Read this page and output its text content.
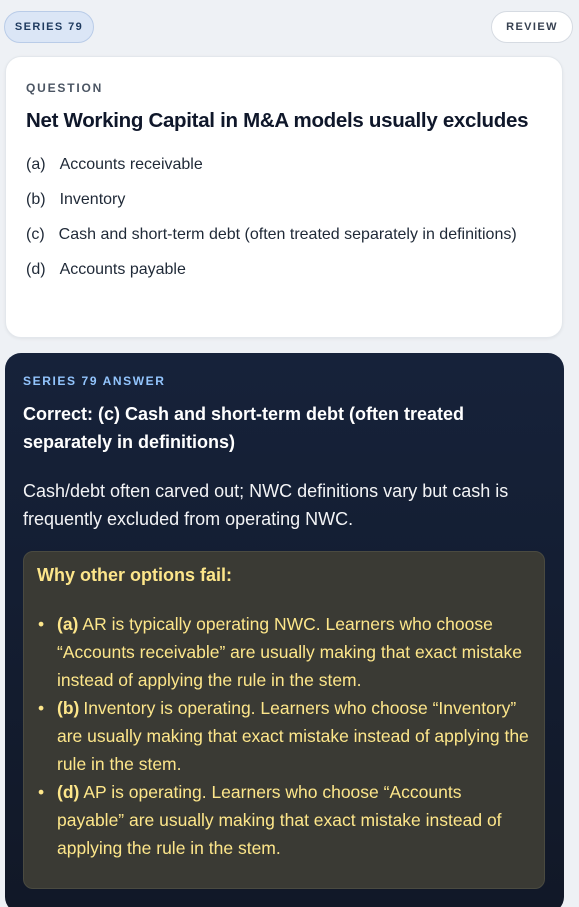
SERIES 79	REVIEW
QUESTION
Net Working Capital in M&A models usually excludes
(a) Accounts receivable
(b) Inventory
(c) Cash and short-term debt (often treated separately in definitions)
(d) Accounts payable
SERIES 79 ANSWER
Correct: (c) Cash and short-term debt (often treated separately in definitions)
Cash/debt often carved out; NWC definitions vary but cash is frequently excluded from operating NWC.
Why other options fail:
• (a) AR is typically operating NWC. Learners who choose “Accounts receivable” are usually making that exact mistake instead of applying the rule in the stem.
• (b) Inventory is operating. Learners who choose “Inventory” are usually making that exact mistake instead of applying the rule in the stem.
• (d) AP is operating. Learners who choose “Accounts payable” are usually making that exact mistake instead of applying the rule in the stem.
